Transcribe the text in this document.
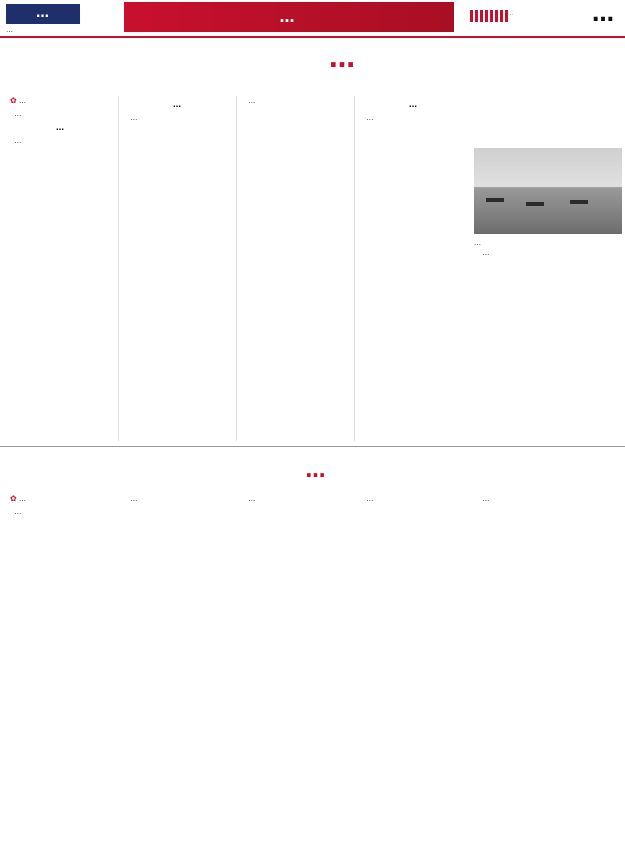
…
…
…	…	…
…
✿ …

…

…

…

…

…

…	…

…

…

…

…
✿ …

…

…	…	…	…
